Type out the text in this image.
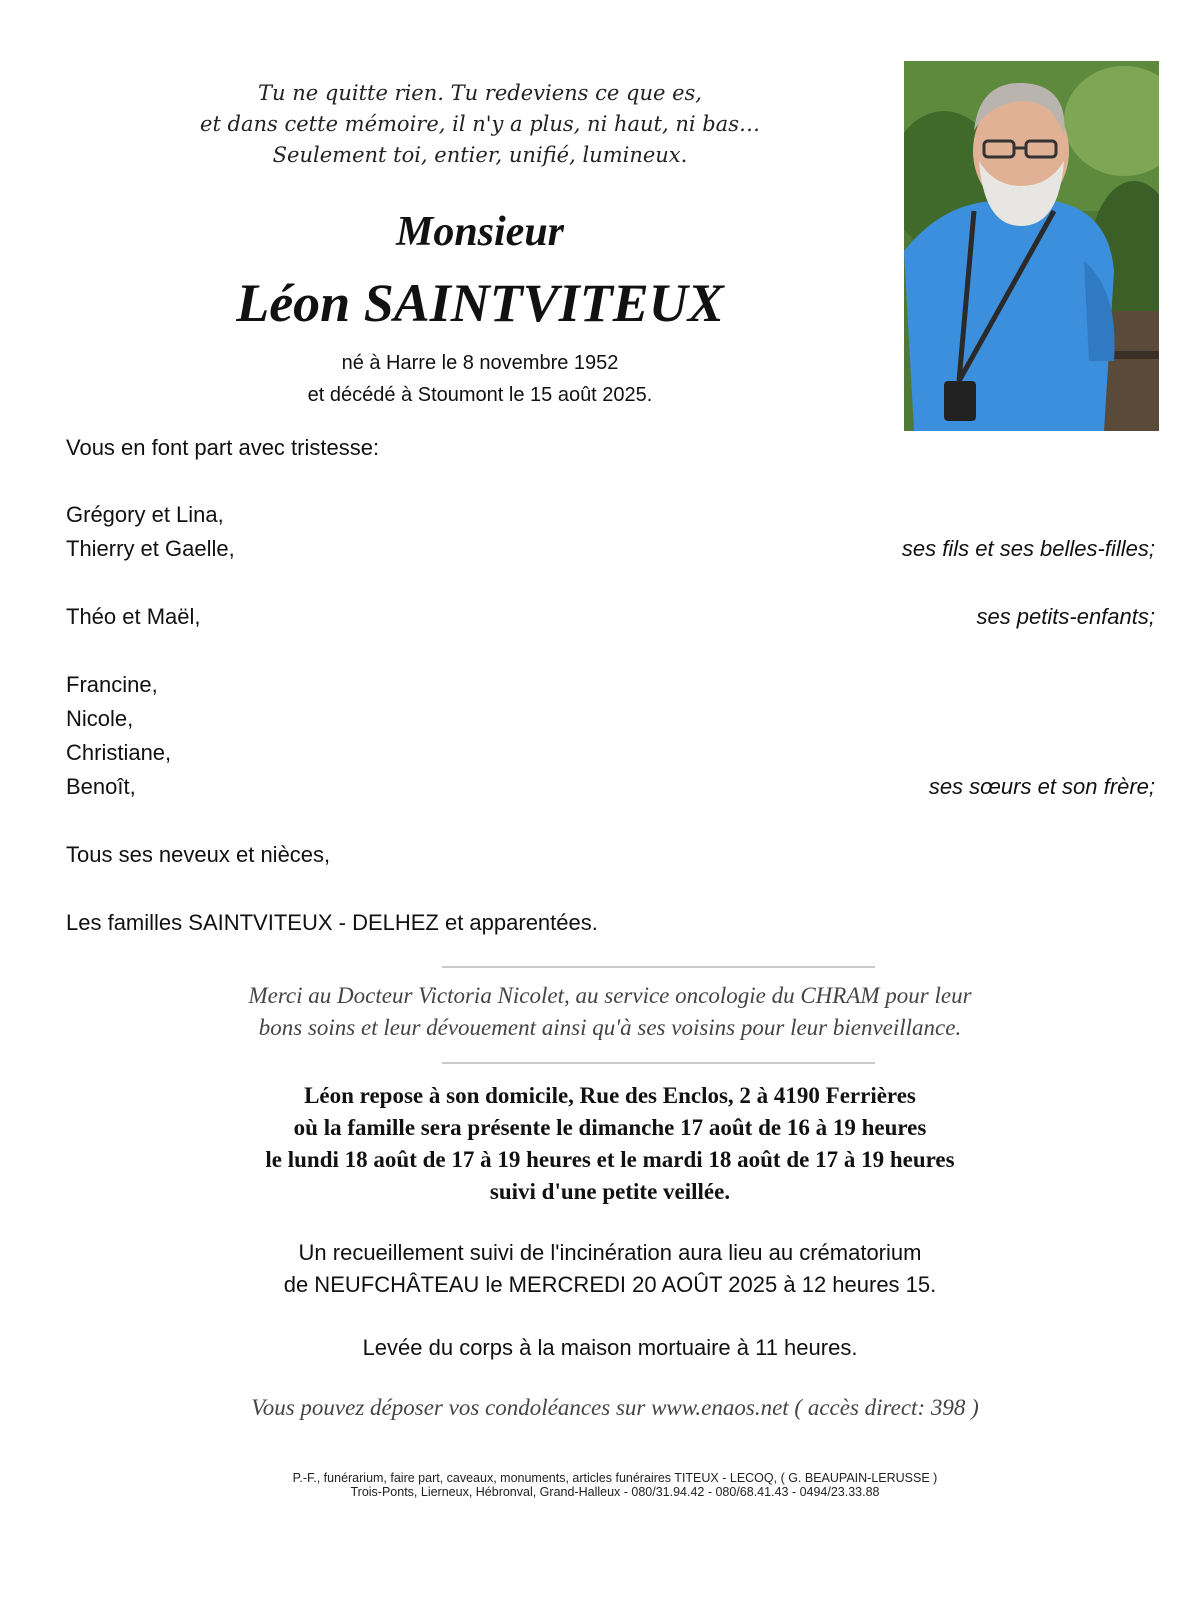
Tu ne quitte rien. Tu redeviens ce que es,
et dans cette mémoire, il n'y a plus, ni haut, ni bas…
Seulement toi, entier, unifié, lumineux.
Monsieur
Léon SAINTVITEUX
né à Harre le 8 novembre 1952
et décédé à Stoumont le 15 août 2025.
Vous en font part avec tristesse:
Grégory et Lina,
Thierry et Gaelle,	ses fils et ses belles-filles;
Théo et Maël,	ses petits-enfants;
Francine,
Nicole,
Christiane,
Benoît,	ses sœurs et son frère;
Tous ses neveux et nièces,
Les familles SAINTVITEUX - DELHEZ et apparentées.
Merci au Docteur Victoria Nicolet, au service oncologie du CHRAM pour leur
bons soins et leur dévouement ainsi qu'à ses voisins pour leur bienveillance.
Léon repose à son domicile, Rue des Enclos, 2 à 4190 Ferrières
où la famille sera présente le dimanche 17 août de 16 à 19 heures
le lundi 18 août de 17 à 19 heures et le mardi 18 août de 17 à 19 heures
suivi d'une petite veillée.
Un recueillement suivi de l'incinération aura lieu au crématorium
de NEUFCHÂTEAU le MERCREDI 20 AOÛT 2025 à 12 heures 15.
Levée du corps à la maison mortuaire à 11 heures.
Vous pouvez déposer vos condoléances sur www.enaos.net ( accès direct: 398 )
P.-F., funérarium, faire part, caveaux, monuments, articles funéraires TITEUX - LECOQ, ( G. BEAUPAIN-LERUSSE )
Trois-Ponts, Lierneux, Hébronval, Grand-Halleux - 080/31.94.42 - 080/68.41.43 - 0494/23.33.88
